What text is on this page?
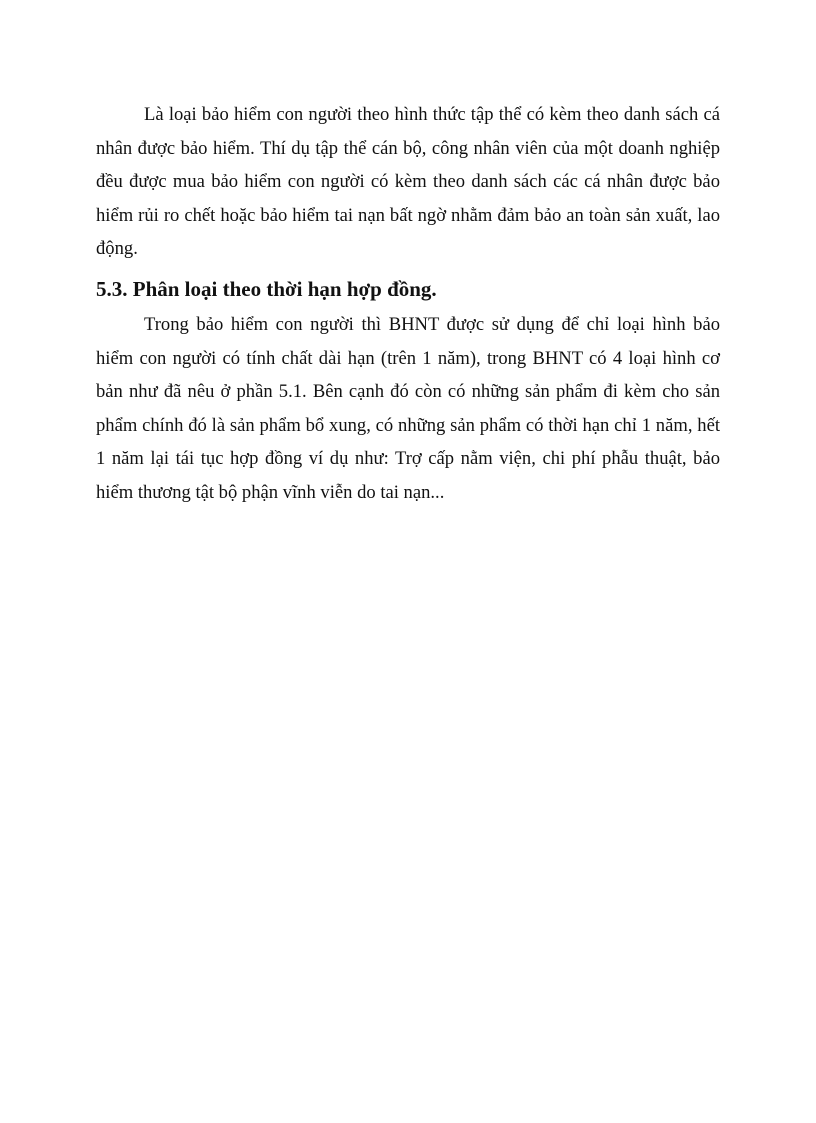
Là loại bảo hiểm con người theo hình thức tập thể có kèm theo danh sách cá nhân được bảo hiểm. Thí dụ tập thể cán bộ, công nhân viên của một doanh nghiệp đều được mua bảo hiểm con người có kèm theo danh sách các cá nhân được bảo hiểm rủi ro chết hoặc bảo hiểm tai nạn bất ngờ nhằm đảm bảo an toàn sản xuất, lao động.

5.3. Phân loại theo thời hạn hợp đồng.

Trong bảo hiểm con người thì BHNT được sử dụng để chỉ loại hình bảo hiểm con người có tính chất dài hạn (trên 1 năm), trong BHNT có 4 loại hình cơ bản như đã nêu ở phần 5.1. Bên cạnh đó còn có những sản phẩm đi kèm cho sản phẩm chính đó là sản phẩm bổ xung, có những sản phẩm có thời hạn chỉ 1 năm, hết 1 năm lại tái tục hợp đồng ví dụ như: Trợ cấp nằm viện, chi phí phẫu thuật, bảo hiểm thương tật bộ phận vĩnh viễn do tai nạn...
